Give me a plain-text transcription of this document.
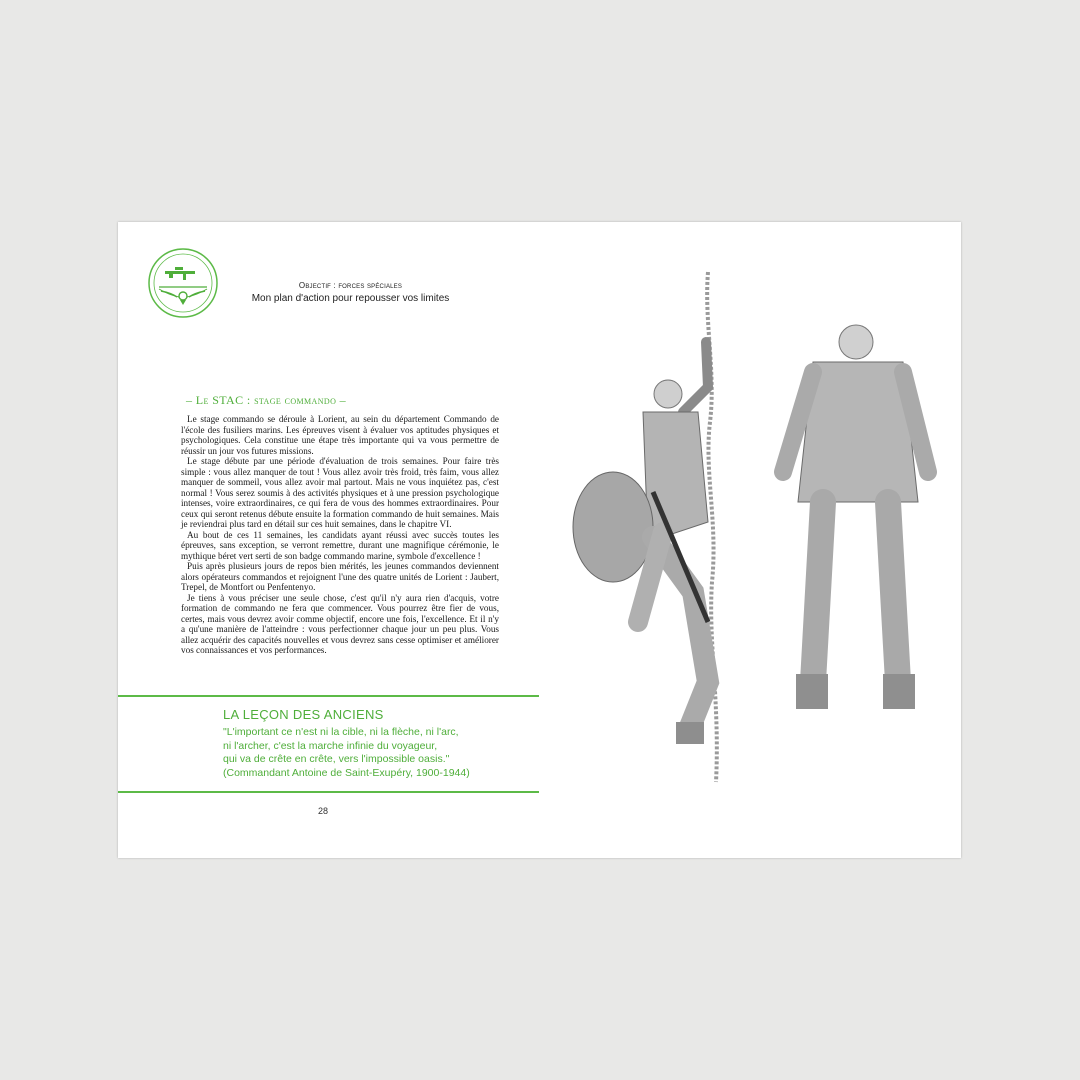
Objectif : forces spéciales
Mon plan d'action pour repousser vos limites
– Le STAC : stage commando –

Le stage commando se déroule à Lorient, au sein du département Commando de l'école des fusiliers marins. Les épreuves visent à évaluer vos aptitudes physiques et psychologiques. Cela constitue une étape très importante qui va vous permettre de réussir un jour vos futures missions.

Le stage débute par une période d'évaluation de trois semaines. Pour faire très simple : vous allez manquer de tout ! Vous allez avoir très froid, très faim, vous allez manquer de sommeil, vous allez avoir mal partout. Mais ne vous inquiétez pas, c'est normal ! Vous serez soumis à des activités physiques et à une pression psychologique intenses, voire extraordinaires, ce qui fera de vous des hommes extraordinaires. Pour ceux qui seront retenus débute ensuite la formation commando de huit semaines. Mais je reviendrai plus tard en détail sur ces huit semaines, dans le chapitre VI.

Au bout de ces 11 semaines, les candidats ayant réussi avec succès toutes les épreuves, sans exception, se verront remettre, durant une magnifique cérémonie, le mythique béret vert serti de son badge commando marine, symbole d'excellence !

Puis après plusieurs jours de repos bien mérités, les jeunes commandos deviennent alors opérateurs commandos et rejoignent l'une des quatre unités de Lorient : Jaubert, Trepel, de Montfort ou Penfentenyo.

Je tiens à vous préciser une seule chose, c'est qu'il n'y aura rien d'acquis, votre formation de commando ne fera que commencer. Vous pourrez être fier de vous, certes, mais vous devrez avoir comme objectif, encore une fois, l'excellence. Et il n'y a qu'une manière de l'atteindre : vous perfectionner chaque jour un peu plus. Vous allez acquérir des capacités nouvelles et vous devrez sans cesse optimiser et améliorer vos connaissances et vos performances.

LA LEÇON DES ANCIENS
"L'important ce n'est ni la cible, ni la flèche, ni l'arc,
ni l'archer, c'est la marche infinie du voyageur,
qui va de crête en crête, vers l'impossible oasis."
(Commandant Antoine de Saint-Exupéry, 1900-1944)
28
